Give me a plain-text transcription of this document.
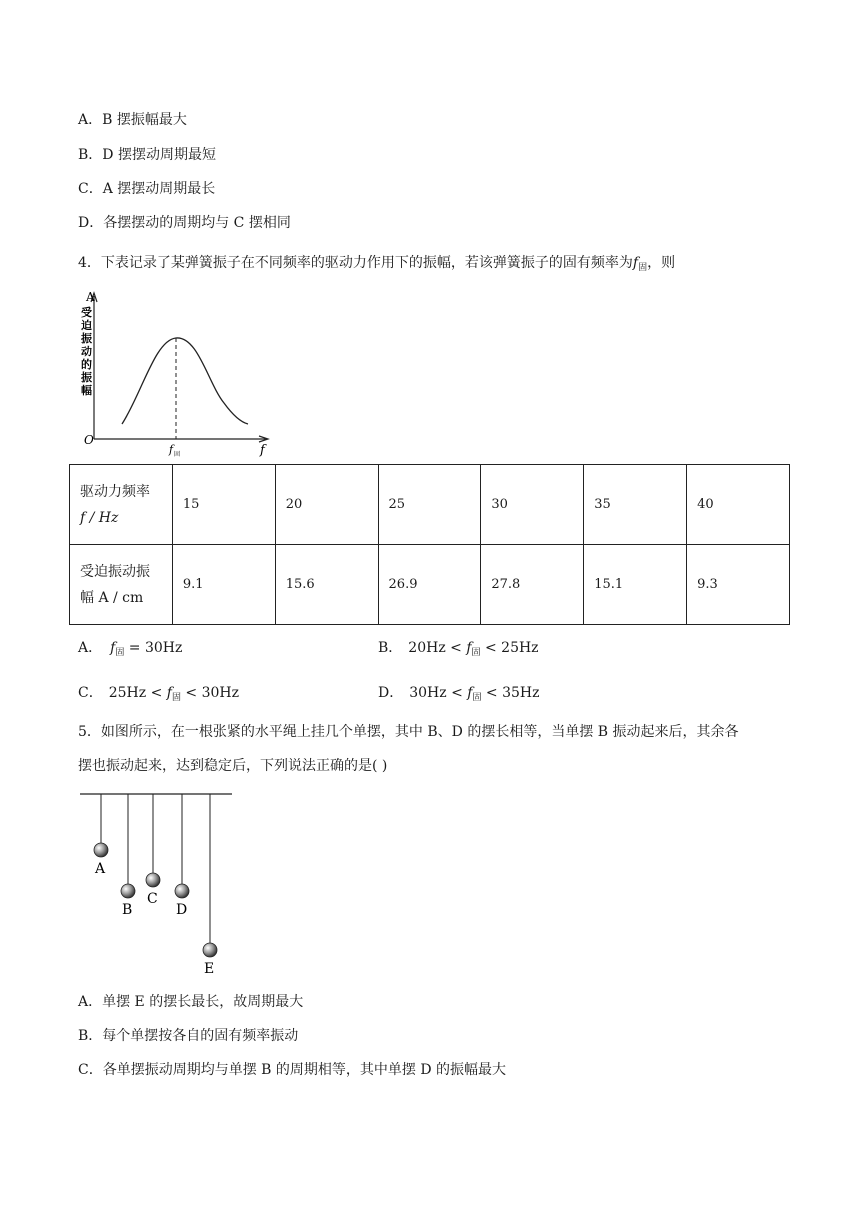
A．B 摆振幅最大
B．D 摆摆动周期最短
C．A 摆摆动周期最长
D．各摆摆动的周期均与 C 摆相同
4．下表记录了某弹簧振子在不同频率的驱动力作用下的振幅，若该弹簧振子的固有频率为$f_固$，则
A
受
迫
振
动
的
振
幅
O
f
f 固
驱动力频率
f / Hz	15	20	25	30	35	40

受迫振动振
幅 A / cm	9.1	15.6	26.9	27.8	15.1	9.3
A． $f_固 = 30Hz$	B． $20Hz < f_固 < 25Hz$
C． $25Hz < f_固 < 30Hz$	D． $30Hz < f_固 < 35Hz$
5．如图所示，在一根张紧的水平绳上挂几个单摆，其中 B、D 的摆长相等，当单摆 B 振动起来后，其余各
摆也振动起来，达到稳定后，下列说法正确的是( )
A
B
C
D
E
A．单摆 E 的摆长最长，故周期最大
B．每个单摆按各自的固有频率振动
C．各单摆振动周期均与单摆 B 的周期相等，其中单摆 D 的振幅最大
